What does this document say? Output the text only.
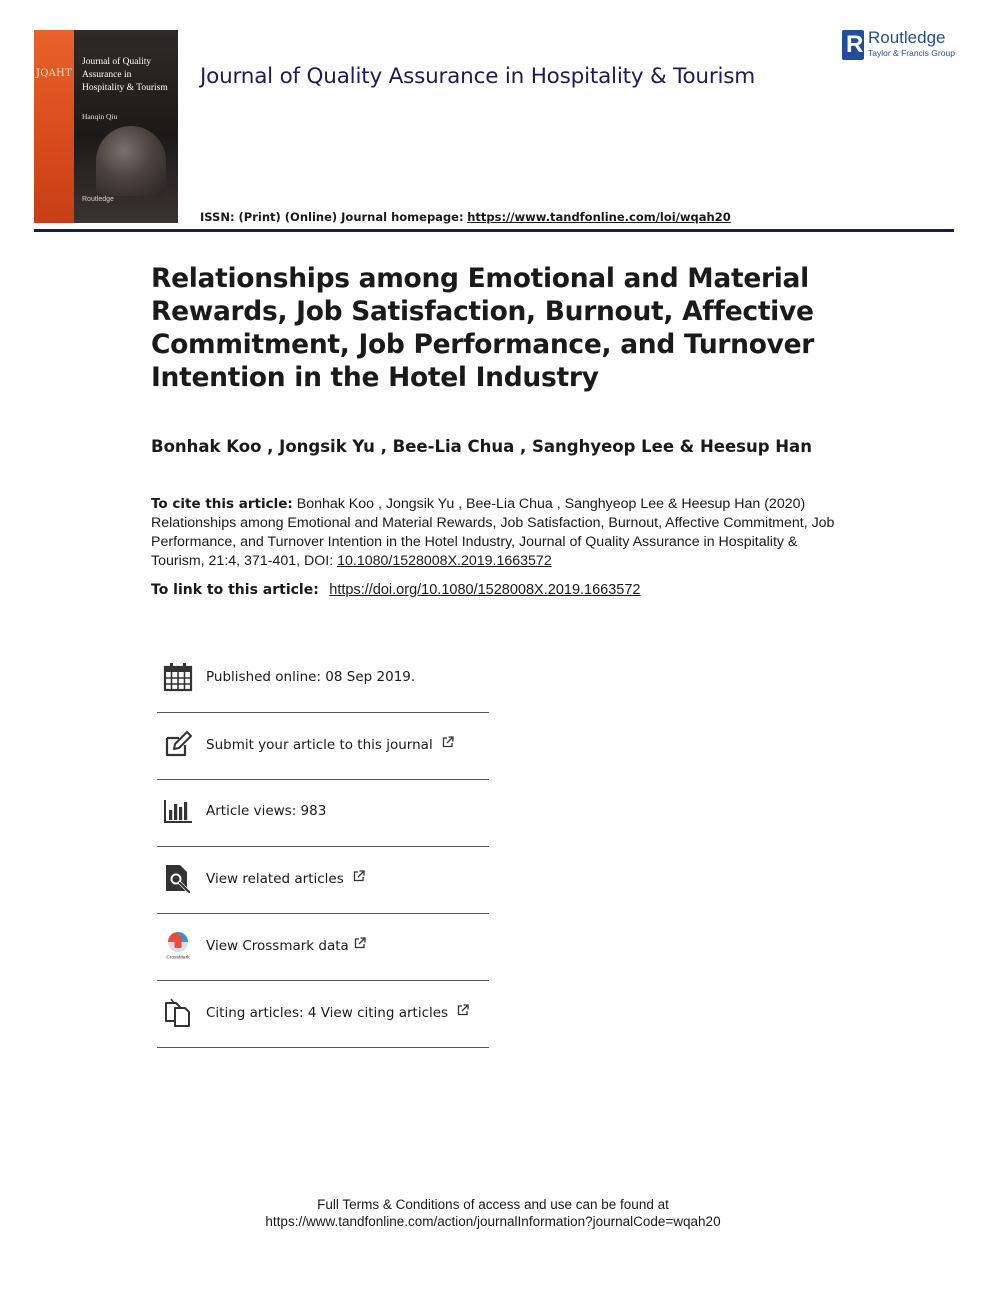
JQAHT
Journal of Quality Assurance in Hospitality & Tourism
Hanqin Qiu
Routledge
Journal of Quality Assurance in Hospitality & Tourism
R Routledge
Taylor & Francis Group
ISSN: (Print) (Online) Journal homepage: https://www.tandfonline.com/loi/wqah20
Relationships among Emotional and Material Rewards, Job Satisfaction, Burnout, Affective Commitment, Job Performance, and Turnover Intention in the Hotel Industry
Bonhak Koo , Jongsik Yu , Bee-Lia Chua , Sanghyeop Lee & Heesup Han
To cite this article: Bonhak Koo , Jongsik Yu , Bee-Lia Chua , Sanghyeop Lee & Heesup Han (2020) Relationships among Emotional and Material Rewards, Job Satisfaction, Burnout, Affective Commitment, Job Performance, and Turnover Intention in the Hotel Industry, Journal of Quality Assurance in Hospitality & Tourism, 21:4, 371-401, DOI: 10.1080/1528008X.2019.1663572
To link to this article: https://doi.org/10.1080/1528008X.2019.1663572
Published online: 08 Sep 2019.
Submit your article to this journal
Article views: 983
View related articles
CrossMark
View Crossmark data
Citing articles: 4 View citing articles
Full Terms & Conditions of access and use can be found at
https://www.tandfonline.com/action/journalInformation?journalCode=wqah20
